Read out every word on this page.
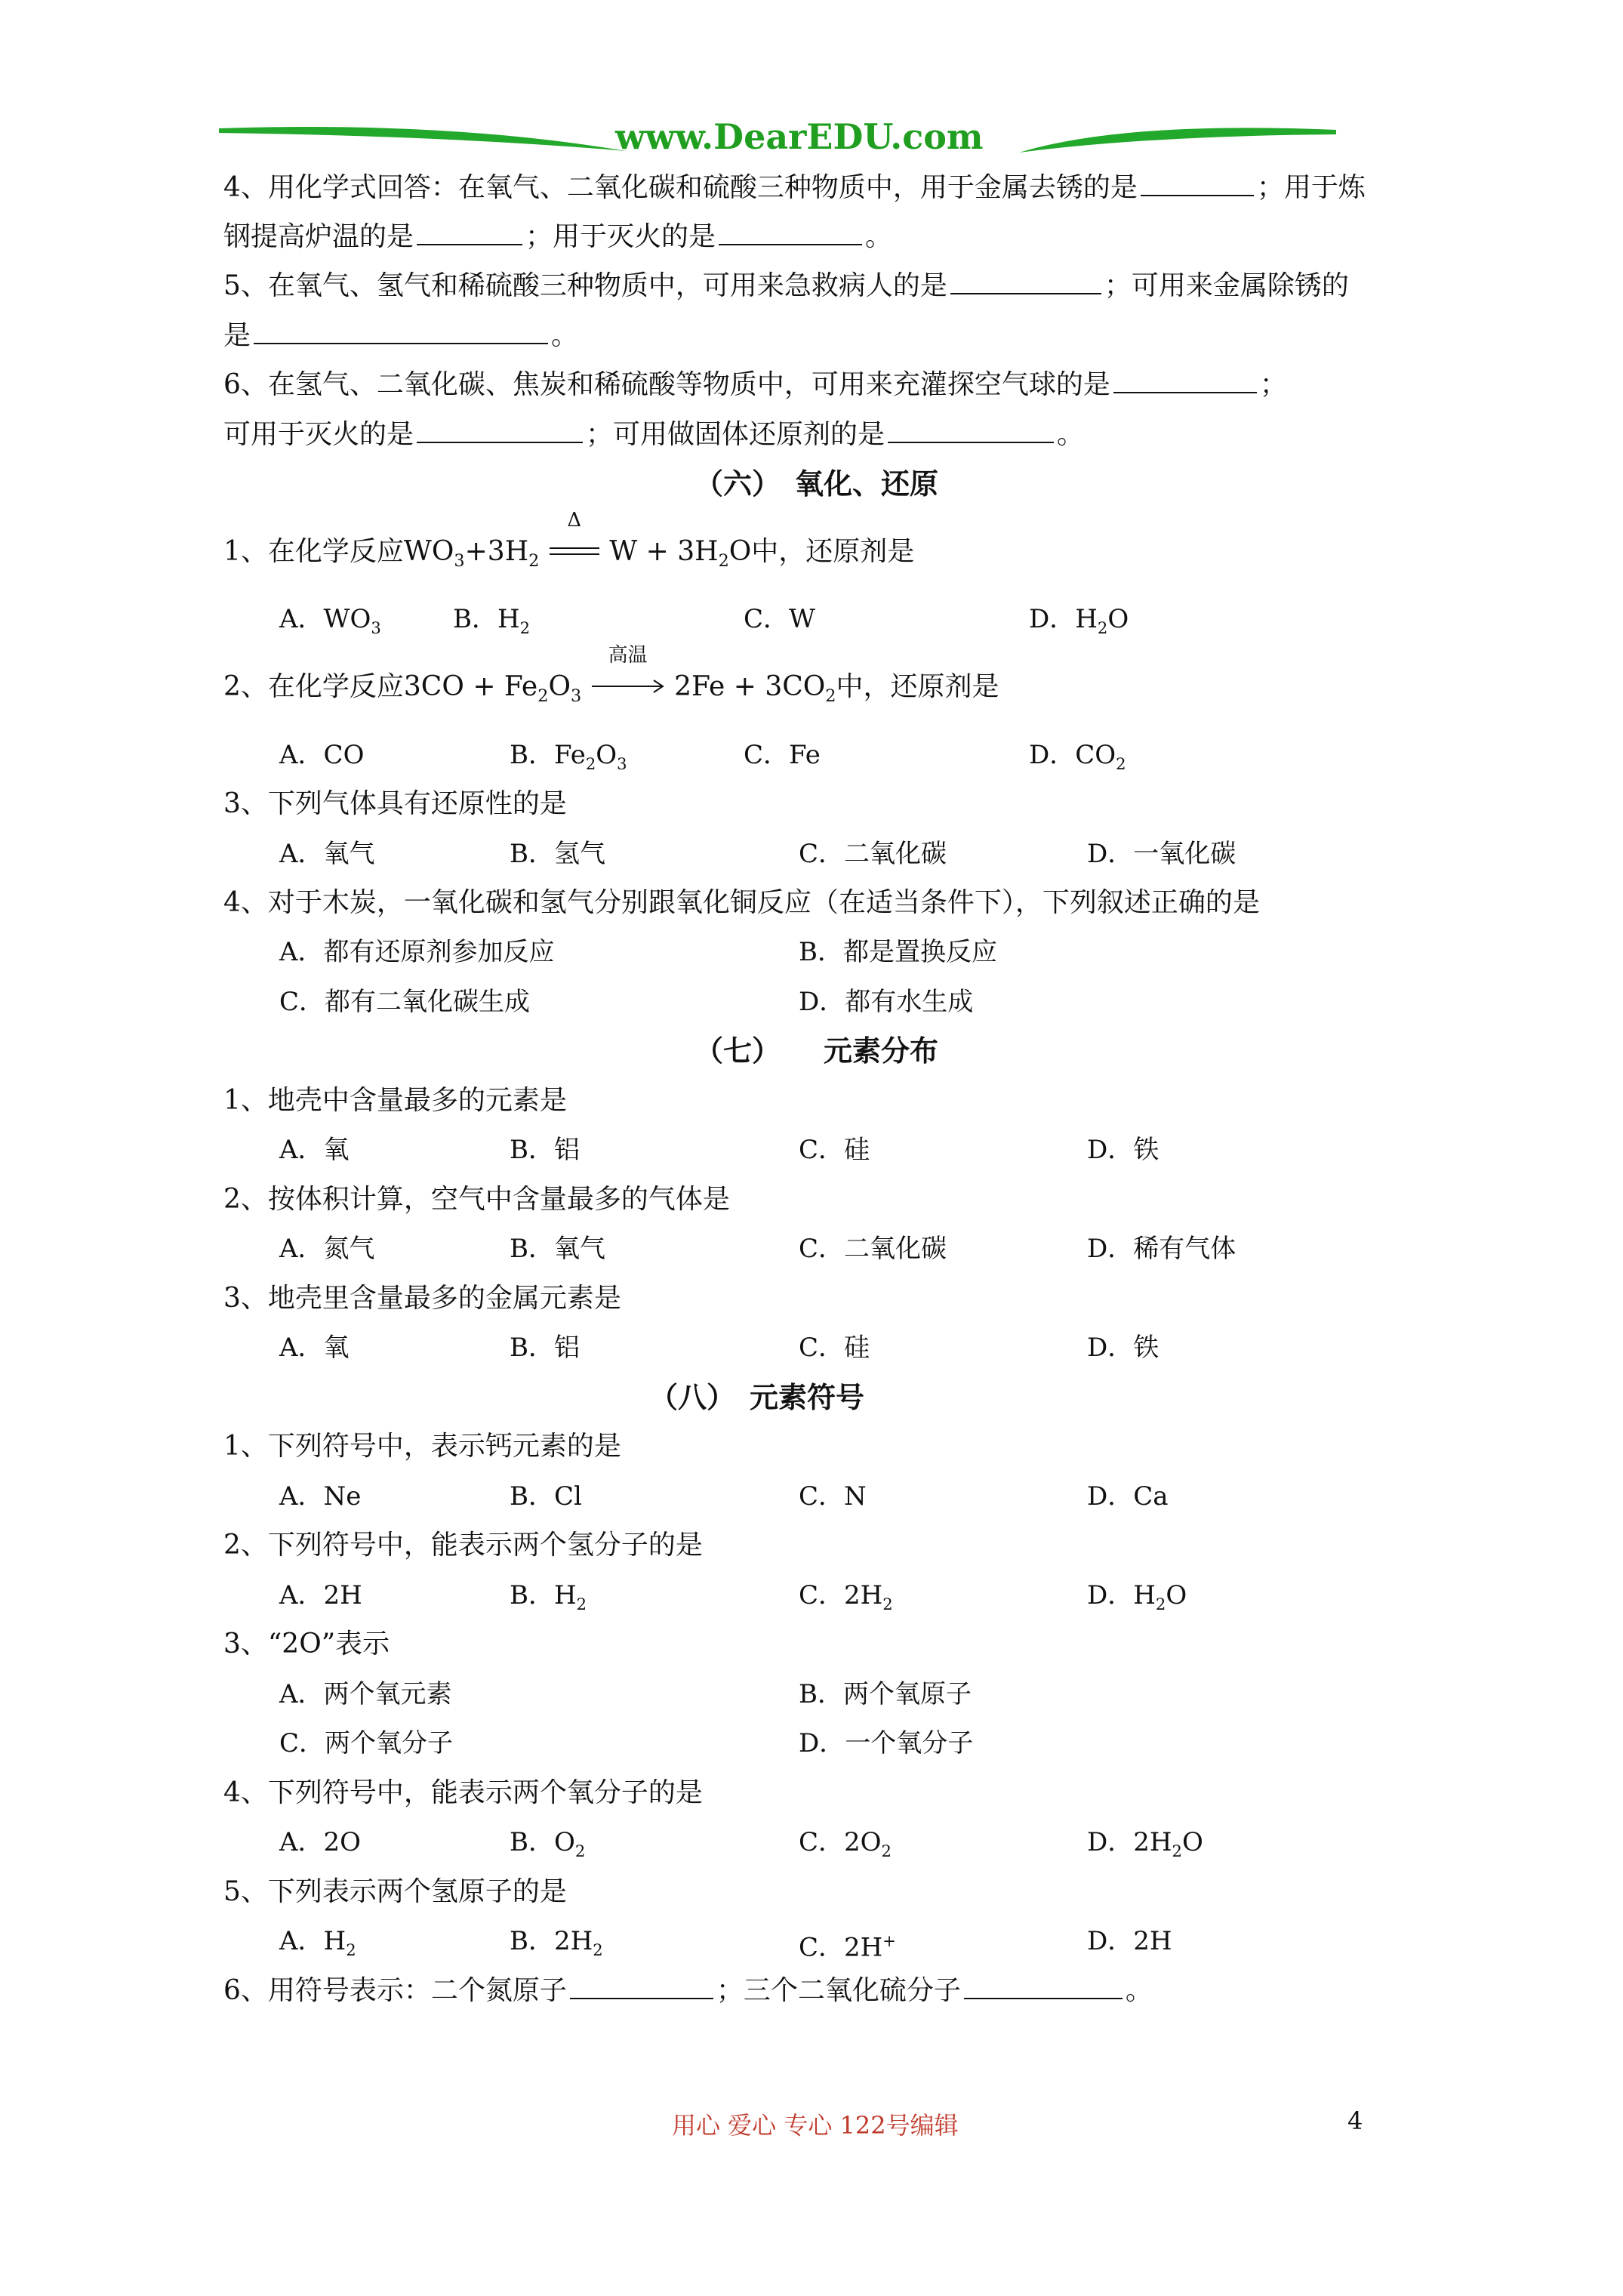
www.DearEDU.com
4、用化学式回答：在氧气、二氧化碳和硫酸三种物质中，用于金属去锈的是	；用于炼
钢提高炉温的是	；用于灭火的是	。
5、在氧气、氢气和稀硫酸三种物质中，可用来急救病人的是	；可用来金属除锈的
是	。
6、在氢气、二氧化碳、焦炭和稀硫酸等物质中，可用来充灌探空气球的是	；
可用于灭火的是	；可用做固体还原剂的是	。
（六）　氧化、还原
1、在化学反应$WO_3+3H_2$
Δ
$W + 3H_2O$中，还原剂是
A．$WO_3$	B．$H_2$	C．W	D．$H_2O$
2、在化学反应$3CO + Fe_2O_3$
高温
$2Fe + 3CO_2$中，还原剂是
A．CO	B．$Fe_2O_3$	C．Fe	D．$CO_2$
3、下列气体具有还原性的是
A．氧气	B．氢气	C．二氧化碳	D．一氧化碳
4、对于木炭，一氧化碳和氢气分别跟氧化铜反应（在适当条件下），下列叙述正确的是
A．都有还原剂参加反应	B．都是置换反应
C．都有二氧化碳生成	D．都有水生成
（七）　　元素分布
1、地壳中含量最多的元素是
A．氧	B．铝	C．硅	D．铁
2、按体积计算，空气中含量最多的气体是
A．氮气	B．氧气	C．二氧化碳	D．稀有气体
3、地壳里含量最多的金属元素是
A．氧	B．铝	C．硅	D．铁
（八）　元素符号
1、下列符号中，表示钙元素的是
A．Ne	B．Cl	C．N	D．Ca
2、下列符号中，能表示两个氢分子的是
A．2H	B．$H_2$	C．$2H_2$	D．$H_2O$
3、“2O”表示
A．两个氧元素	B．两个氧原子
C．两个氧分子	D．一个氧分子
4、下列符号中，能表示两个氧分子的是
A．2O	B．$O_2$	C．$2O_2$	D．$2H_2O$
5、下列表示两个氢原子的是
A．$H_2$	B．$2H_2$	C．2H+	D．2H
6、用符号表示：二个氮原子	；三个二氧化硫分子	。
用心 爱心 专心 122号编辑	4
